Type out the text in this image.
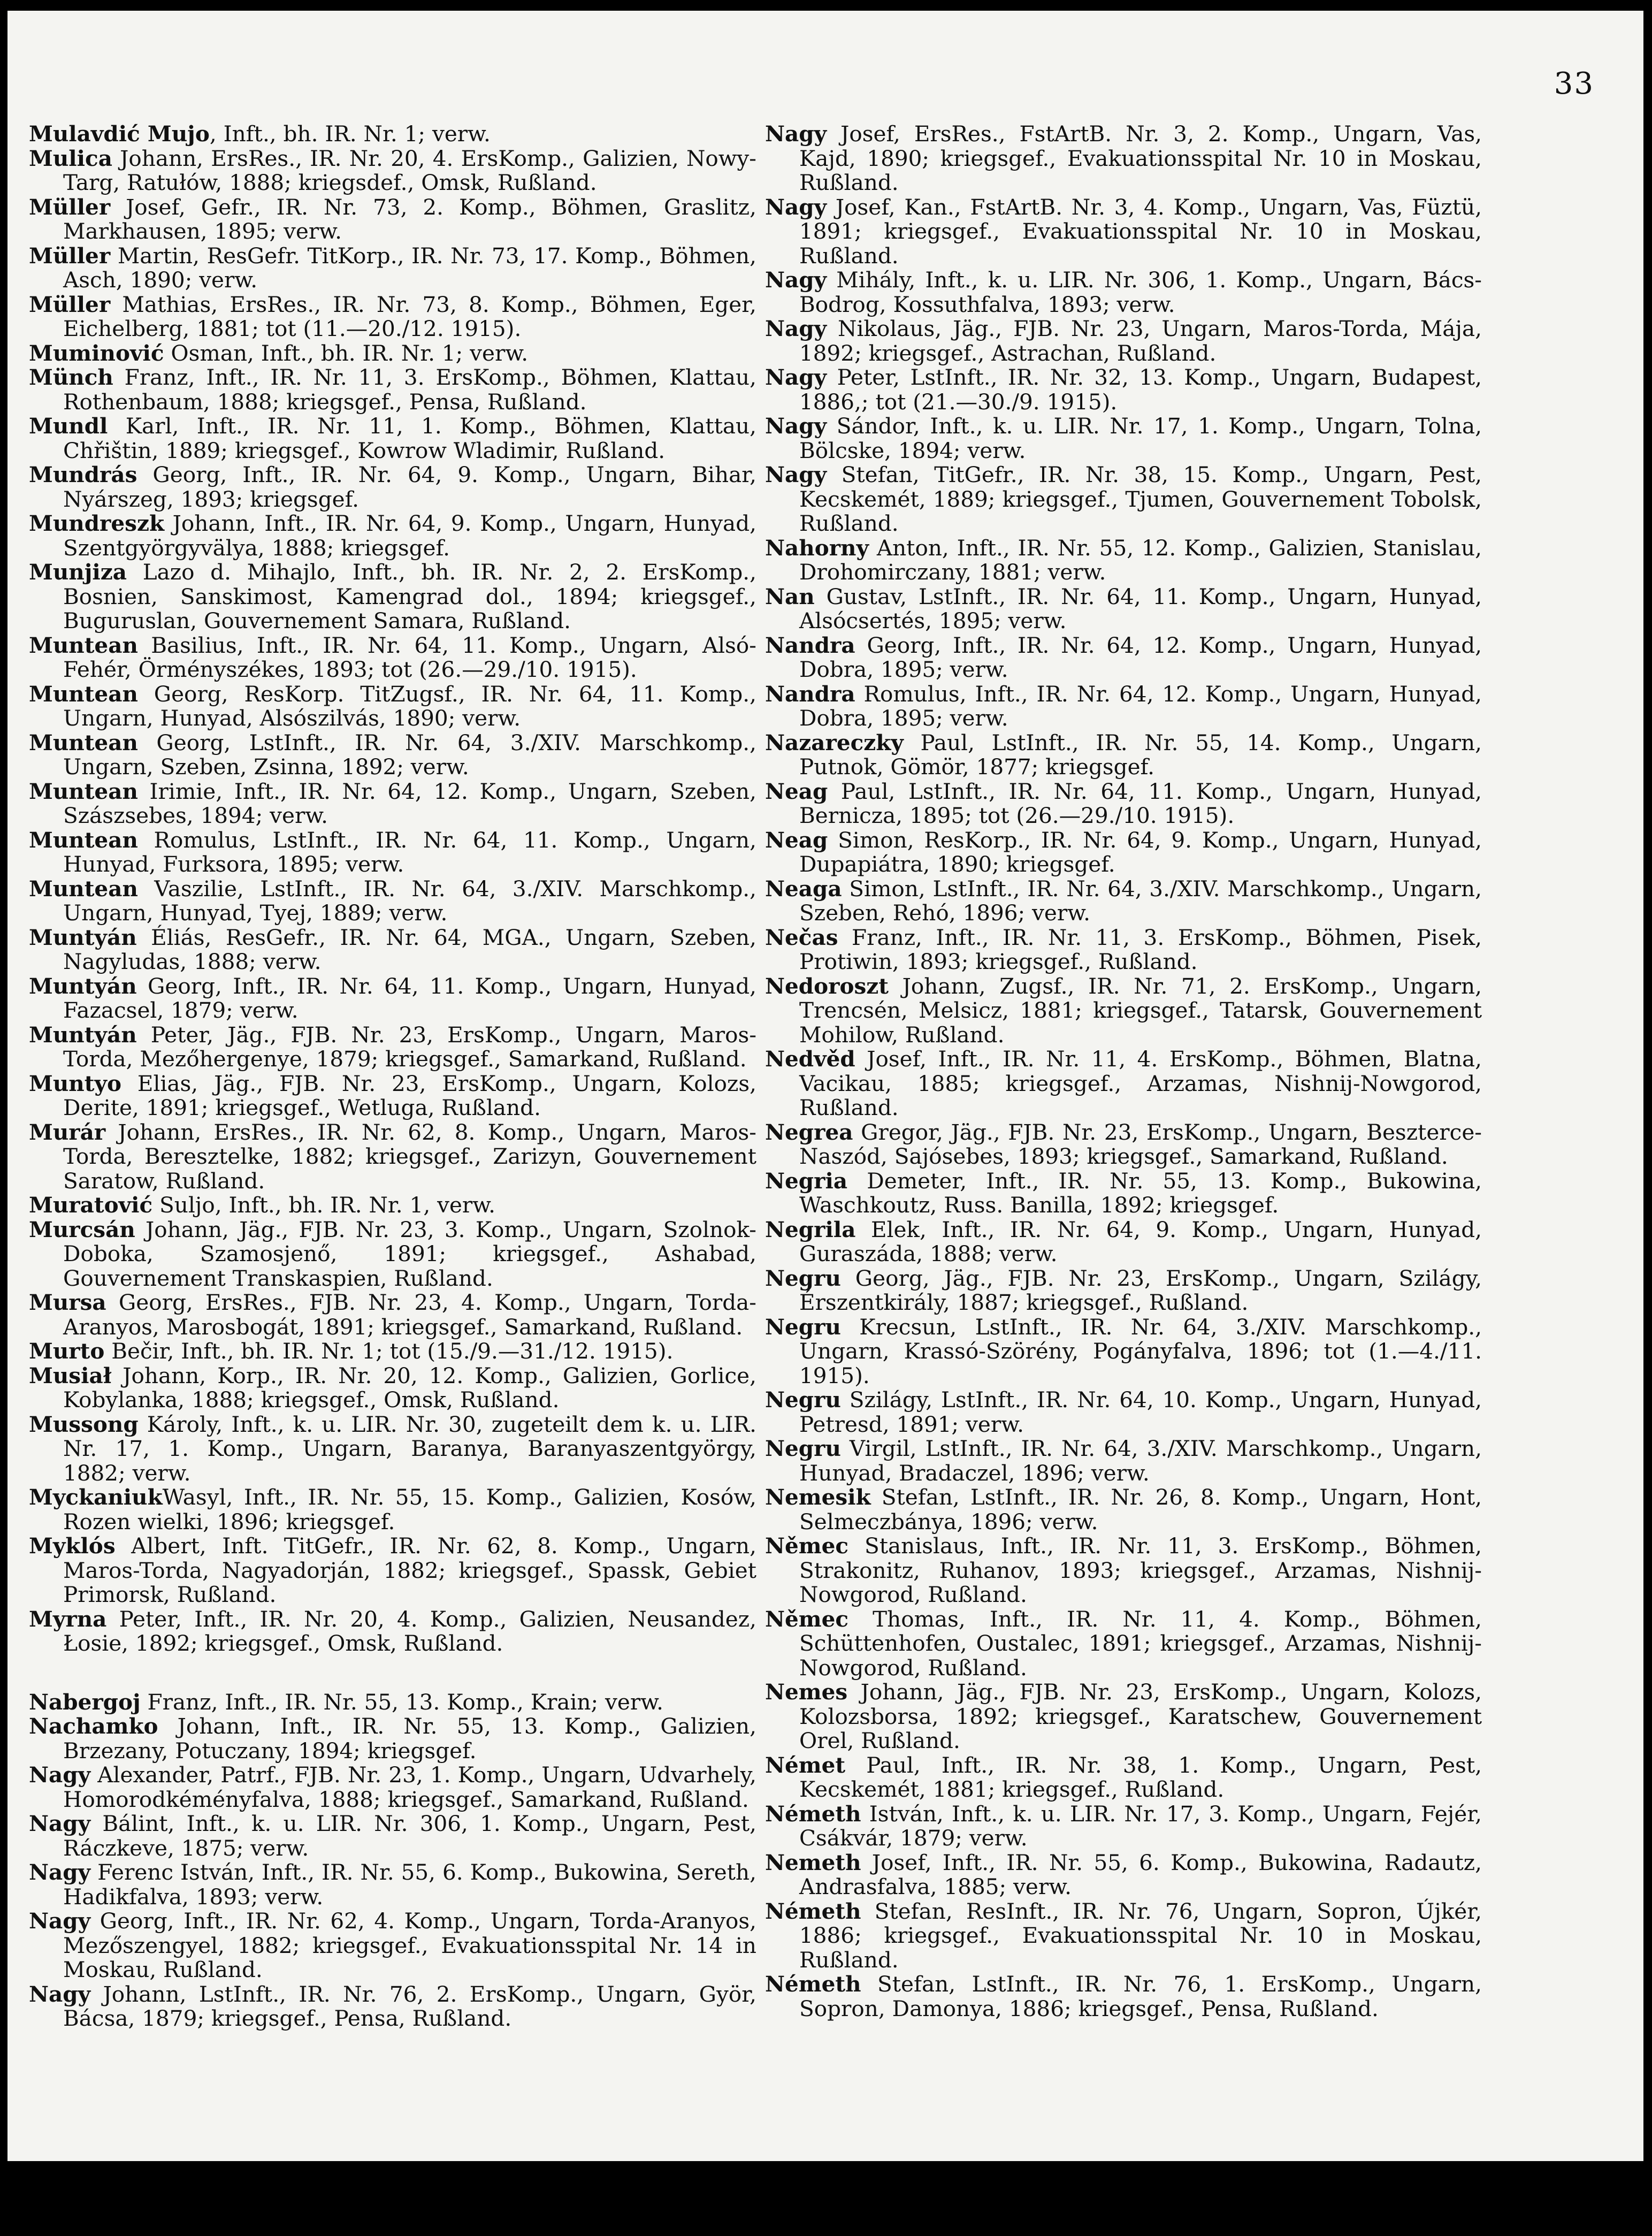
33

Mulavdić Mujo, Inft., bh. IR. Nr. 1; verw.

Mulica Johann, ErsRes., IR. Nr. 20, 4. ErsKomp., Galizien, Nowy-Targ, Ratułów, 1888; kriegsdef., Omsk, Rußland.

Müller Josef, Gefr., IR. Nr. 73, 2. Komp., Böhmen, Graslitz, Markhausen, 1895; verw.

Müller Martin, ResGefr. TitKorp., IR. Nr. 73, 17. Komp., Böhmen, Asch, 1890; verw.

Müller Mathias, ErsRes., IR. Nr. 73, 8. Komp., Böhmen, Eger, Eichelberg, 1881; tot (11.—20./12. 1915).

Muminović Osman, Inft., bh. IR. Nr. 1; verw.

Münch Franz, Inft., IR. Nr. 11, 3. ErsKomp., Böhmen, Klattau, Rothenbaum, 1888; kriegsgef., Pensa, Rußland.

Mundl Karl, Inft., IR. Nr. 11, 1. Komp., Böhmen, Klattau, Chřištin, 1889; kriegsgef., Kowrow Wladimir, Rußland.

Mundrás Georg, Inft., IR. Nr. 64, 9. Komp., Ungarn, Bihar, Nyárszeg, 1893; kriegsgef.

Mundreszk Johann, Inft., IR. Nr. 64, 9. Komp., Ungarn, Hunyad, Szentgyörgyvälya, 1888; kriegsgef.

Munjiza Lazo d. Mihajlo, Inft., bh. IR. Nr. 2, 2. ErsKomp., Bosnien, Sanskimost, Kamengrad dol., 1894; kriegsgef., Buguruslan, Gouvernement Samara, Rußland.

Muntean Basilius, Inft., IR. Nr. 64, 11. Komp., Ungarn, Alsó-Fehér, Örményszékes, 1893; tot (26.—29./10. 1915).

Muntean Georg, ResKorp. TitZugsf., IR. Nr. 64, 11. Komp., Ungarn, Hunyad, Alsószilvás, 1890; verw.

Muntean Georg, LstInft., IR. Nr. 64, 3./XIV. Marschkomp., Ungarn, Szeben, Zsinna, 1892; verw.

Muntean Irimie, Inft., IR. Nr. 64, 12. Komp., Ungarn, Szeben, Szászsebes, 1894; verw.

Muntean Romulus, LstInft., IR. Nr. 64, 11. Komp., Ungarn, Hunyad, Furksora, 1895; verw.

Muntean Vaszilie, LstInft., IR. Nr. 64, 3./XIV. Marschkomp., Ungarn, Hunyad, Tyej, 1889; verw.

Muntyán Éliás, ResGefr., IR. Nr. 64, MGA., Ungarn, Szeben, Nagyludas, 1888; verw.

Muntyán Georg, Inft., IR. Nr. 64, 11. Komp., Ungarn, Hunyad, Fazacsel, 1879; verw.

Muntyán Peter, Jäg., FJB. Nr. 23, ErsKomp., Ungarn, Maros-Torda, Mezőhergenye, 1879; kriegsgef., Samarkand, Rußland.

Muntyo Elias, Jäg., FJB. Nr. 23, ErsKomp., Ungarn, Kolozs, Derite, 1891; kriegsgef., Wetluga, Rußland.

Murár Johann, ErsRes., IR. Nr. 62, 8. Komp., Ungarn, Maros-Torda, Beresztelke, 1882; kriegsgef., Zarizyn, Gouvernement Saratow, Rußland.

Muratović Suljo, Inft., bh. IR. Nr. 1, verw.

Murcsán Johann, Jäg., FJB. Nr. 23, 3. Komp., Ungarn, Szolnok-Doboka, Szamosjenő, 1891; kriegsgef., Ashabad, Gouvernement Transkaspien, Rußland.

Mursa Georg, ErsRes., FJB. Nr. 23, 4. Komp., Ungarn, Torda-Aranyos, Marosbogát, 1891; kriegsgef., Samarkand, Rußland.

Murto Bečir, Inft., bh. IR. Nr. 1; tot (15./9.—31./12. 1915).

Musiał Johann, Korp., IR. Nr. 20, 12. Komp., Galizien, Gorlice, Kobylanka, 1888; kriegsgef., Omsk, Rußland.

Mussong Károly, Inft., k. u. LIR. Nr. 30, zugeteilt dem k. u. LIR. Nr. 17, 1. Komp., Ungarn, Baranya, Baranyaszentgyörgy, 1882; verw.

MyckaniukWasyl, Inft., IR. Nr. 55, 15. Komp., Galizien, Kosów, Rozen wielki, 1896; kriegsgef.

Myklós Albert, Inft. TitGefr., IR. Nr. 62, 8. Komp., Ungarn, Maros-Torda, Nagyadorján, 1882; kriegsgef., Spassk, Gebiet Primorsk, Rußland.

Myrna Peter, Inft., IR. Nr. 20, 4. Komp., Galizien, Neusandez, Łosie, 1892; kriegsgef., Omsk, Rußland.

Nabergoj Franz, Inft., IR. Nr. 55, 13. Komp., Krain; verw.

Nachamko Johann, Inft., IR. Nr. 55, 13. Komp., Galizien, Brzezany, Potuczany, 1894; kriegsgef.

Nagy Alexander, Patrf., FJB. Nr. 23, 1. Komp., Ungarn, Udvarhely, Homorodkéményfalva, 1888; kriegsgef., Samarkand, Rußland.

Nagy Bálint, Inft., k. u. LIR. Nr. 306, 1. Komp., Ungarn, Pest, Ráczkeve, 1875; verw.

Nagy Ferenc István, Inft., IR. Nr. 55, 6. Komp., Bukowina, Sereth, Hadikfalva, 1893; verw.

Nagy Georg, Inft., IR. Nr. 62, 4. Komp., Ungarn, Torda-Aranyos, Mezőszengyel, 1882; kriegsgef., Evakuationsspital Nr. 14 in Moskau, Rußland.

Nagy Johann, LstInft., IR. Nr. 76, 2. ErsKomp., Ungarn, Györ, Bácsa, 1879; kriegsgef., Pensa, Rußland.

Nagy Josef, ErsRes., FstArtB. Nr. 3, 2. Komp., Ungarn, Vas, Kajd, 1890; kriegsgef., Evakuationsspital Nr. 10 in Moskau, Rußland.

Nagy Josef, Kan., FstArtB. Nr. 3, 4. Komp., Ungarn, Vas, Füztü, 1891; kriegsgef., Evakuationsspital Nr. 10 in Moskau, Rußland.

Nagy Mihály, Inft., k. u. LIR. Nr. 306, 1. Komp., Ungarn, Bács-Bodrog, Kossuthfalva, 1893; verw.

Nagy Nikolaus, Jäg., FJB. Nr. 23, Ungarn, Maros-Torda, Mája, 1892; kriegsgef., Astrachan, Rußland.

Nagy Peter, LstInft., IR. Nr. 32, 13. Komp., Ungarn, Budapest, 1886,; tot (21.—30./9. 1915).

Nagy Sándor, Inft., k. u. LIR. Nr. 17, 1. Komp., Ungarn, Tolna, Bölcske, 1894; verw.

Nagy Stefan, TitGefr., IR. Nr. 38, 15. Komp., Ungarn, Pest, Kecskemét, 1889; kriegsgef., Tjumen, Gouvernement Tobolsk, Rußland.

Nahorny Anton, Inft., IR. Nr. 55, 12. Komp., Galizien, Stanislau, Drohomirczany, 1881; verw.

Nan Gustav, LstInft., IR. Nr. 64, 11. Komp., Ungarn, Hunyad, Alsócsertés, 1895; verw.

Nandra Georg, Inft., IR. Nr. 64, 12. Komp., Ungarn, Hunyad, Dobra, 1895; verw.

Nandra Romulus, Inft., IR. Nr. 64, 12. Komp., Ungarn, Hunyad, Dobra, 1895; verw.

Nazareczky Paul, LstInft., IR. Nr. 55, 14. Komp., Ungarn, Putnok, Gömör, 1877; kriegsgef.

Neag Paul, LstInft., IR. Nr. 64, 11. Komp., Ungarn, Hunyad, Bernicza, 1895; tot (26.—29./10. 1915).

Neag Simon, ResKorp., IR. Nr. 64, 9. Komp., Ungarn, Hunyad, Dupapiátra, 1890; kriegsgef.

Neaga Simon, LstInft., IR. Nr. 64, 3./XIV. Marschkomp., Ungarn, Szeben, Rehó, 1896; verw.

Nečas Franz, Inft., IR. Nr. 11, 3. ErsKomp., Böhmen, Pisek, Protiwin, 1893; kriegsgef., Rußland.

Nedoroszt Johann, Zugsf., IR. Nr. 71, 2. ErsKomp., Ungarn, Trencsén, Melsicz, 1881; kriegsgef., Tatarsk, Gouvernement Mohilow, Rußland.

Nedvěd Josef, Inft., IR. Nr. 11, 4. ErsKomp., Böhmen, Blatna, Vacikau, 1885; kriegsgef., Arzamas, Nishnij-Nowgorod, Rußland.

Negrea Gregor, Jäg., FJB. Nr. 23, ErsKomp., Ungarn, Beszterce-Naszód, Sajósebes, 1893; kriegsgef., Samarkand, Rußland.

Negria Demeter, Inft., IR. Nr. 55, 13. Komp., Bukowina, Waschkoutz, Russ. Banilla, 1892; kriegsgef.

Negrila Elek, Inft., IR. Nr. 64, 9. Komp., Ungarn, Hunyad, Guraszáda, 1888; verw.

Negru Georg, Jäg., FJB. Nr. 23, ErsKomp., Ungarn, Szilágy, Érszentkirály, 1887; kriegsgef., Rußland.

Negru Krecsun, LstInft., IR. Nr. 64, 3./XIV. Marschkomp., Ungarn, Krassó-Szörény, Pogányfalva, 1896; tot (1.—4./11. 1915).

Negru Szilágy, LstInft., IR. Nr. 64, 10. Komp., Ungarn, Hunyad, Petresd, 1891; verw.

Negru Virgil, LstInft., IR. Nr. 64, 3./XIV. Marschkomp., Ungarn, Hunyad, Bradaczel, 1896; verw.

Nemesik Stefan, LstInft., IR. Nr. 26, 8. Komp., Ungarn, Hont, Selmeczbánya, 1896; verw.

Němec Stanislaus, Inft., IR. Nr. 11, 3. ErsKomp., Böhmen, Strakonitz, Ruhanov, 1893; kriegsgef., Arzamas, Nishnij-Nowgorod, Rußland.

Němec Thomas, Inft., IR. Nr. 11, 4. Komp., Böhmen, Schüttenhofen, Oustalec, 1891; kriegsgef., Arzamas, Nishnij-Nowgorod, Rußland.

Nemes Johann, Jäg., FJB. Nr. 23, ErsKomp., Ungarn, Kolozs, Kolozsborsa, 1892; kriegsgef., Karatschew, Gouvernement Orel, Rußland.

Német Paul, Inft., IR. Nr. 38, 1. Komp., Ungarn, Pest, Kecskemét, 1881; kriegsgef., Rußland.

Németh István, Inft., k. u. LIR. Nr. 17, 3. Komp., Ungarn, Fejér, Csákvár, 1879; verw.

Nemeth Josef, Inft., IR. Nr. 55, 6. Komp., Bukowina, Radautz, Andrasfalva, 1885; verw.

Németh Stefan, ResInft., IR. Nr. 76, Ungarn, Sopron, Újkér, 1886; kriegsgef., Evakuationsspital Nr. 10 in Moskau, Rußland.

Németh Stefan, LstInft., IR. Nr. 76, 1. ErsKomp., Ungarn, Sopron, Damonya, 1886; kriegsgef., Pensa, Rußland.
